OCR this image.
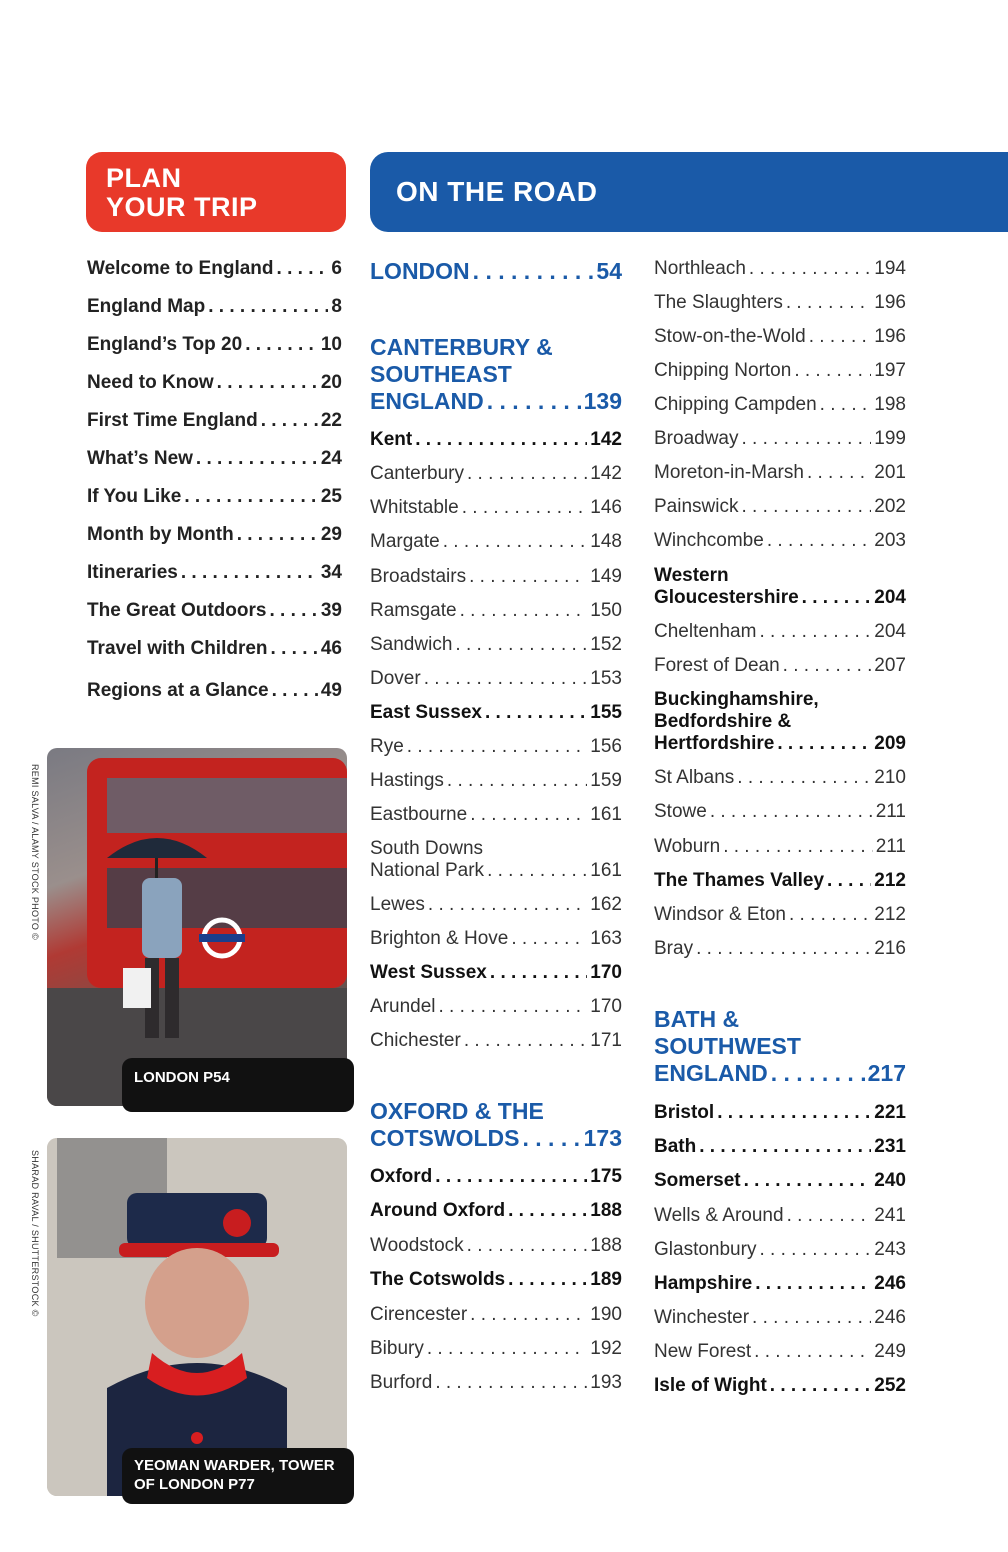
PLAN
YOUR TRIP	ON THE ROAD
Welcome to England . . .	6
England Map . . .	8
England’s Top 20 . . .	10
Need to Know . . .	20
First Time England . . .	22
What’s New . . .	24
If You Like . . .	25
Month by Month . . .	29
Itineraries . . .	34
The Great Outdoors . . .	39
Travel with Children . . .	46
Regions at a Glance . . .	49
REMI SALVA / ALAMY STOCK PHOTO ©
LONDON P54
SHARAD RAVAL / SHUTTERSTOCK ©
YEOMAN WARDER, TOWER
OF LONDON P77
LONDON . . .	54
CANTERBURY &
SOUTHEAST
ENGLAND . . .	139
Kent . . .	142
Canterbury . . .	142
Whitstable . . .	146
Margate . . .	148
Broadstairs . . .	149
Ramsgate . . .	150
Sandwich . . .	152
Dover . . .	153
East Sussex . . .	155
Rye . . .	156
Hastings . . .	159
Eastbourne . . .	161
South Downs
National Park . . .	161
Lewes . . .	162
Brighton & Hove . . .	163
West Sussex . . .	170
Arundel . . .	170
Chichester . . .	171
OXFORD & THE
COTSWOLDS . . .	173
Oxford . . .	175
Around Oxford . . .	188
Woodstock . . .	188
The Cotswolds . . .	189
Cirencester . . .	190
Bibury . . .	192
Burford . . .	193
Northleach . . .	194
The Slaughters . . .	196
Stow-on-the-Wold . . .	196
Chipping Norton . . .	197
Chipping Campden . . .	198
Broadway . . .	199
Moreton-in-Marsh . . .	201
Painswick . . .	202
Winchcombe . . .	203
Western
Gloucestershire . . .	204
Cheltenham . . .	204
Forest of Dean . . .	207
Buckinghamshire,
Bedfordshire &
Hertfordshire . . .	209
St Albans . . .	210
Stowe . . .	211
Woburn . . .	211
The Thames Valley . . .	212
Windsor & Eton . . .	212
Bray . . .	216
BATH &
SOUTHWEST
ENGLAND . . .	217
Bristol . . .	221
Bath . . .	231
Somerset . . .	240
Wells & Around . . .	241
Glastonbury . . .	243
Hampshire . . .	246
Winchester . . .	246
New Forest . . .	249
Isle of Wight . . .	252
